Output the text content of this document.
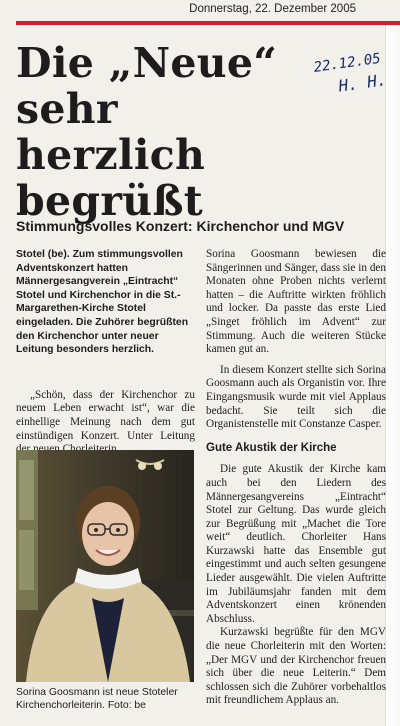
Donnerstag, 22. Dezember 2005
Die „Neue“ sehr herzlich begrüßt
22.12.05
H. H.
Stimmungsvolles Konzert: Kirchenchor und MGV

Stotel (be). Zum stimmungsvollen Adventskonzert hatten Männergesangverein „Eintracht“ Stotel und Kirchenchor in die St.-Margarethen-Kirche Stotel eingeladen. Die Zuhörer begrüßten den Kirchenchor unter neuer Leitung besonders herzlich.

„Schön, dass der Kirchenchor zu neuem Leben erwacht ist“, war die einhellige Meinung nach dem gut einstündigen Konzert. Unter Leitung

Sorina Goosmann ist neue Stoteler Kirchenchorleiterin. Foto: be

Sorina Goosmann bewiesen die Sängerinnen und Sänger, dass sie in den Monaten ohne Proben nichts verlernt hatten – die Auftritte wirkten fröhlich und locker. Da passte das erste Lied „Singet fröhlich im Advent“ zur Stimmung. Auch die weiteren Stücke kamen gut an.

In diesem Konzert stellte sich Sorina Goosmann auch als Organistin vor. Ihre Eingangsmusik wurde mit viel Applaus bedacht. Sie teilt sich die Organistenstelle mit Constanze Casper.

Gute Akustik der Kirche

Die gute Akustik der Kirche kam auch bei den Liedern des Männergesangvereins „Eintracht“ Stotel zur Geltung. Das wurde gleich zur Begrüßung mit „Machet die Tore weit“ deutlich. Chorleiter Hans Kurzawski hatte das Ensemble gut eingestimmt und auch selten gesungene Lieder ausgewählt. Die vielen Auftritte im Jubiläumsjahr fanden mit dem Adventskonzert einen krönenden Abschluss.

Kurzawski begrüßte für den MGV die neue Chorleiterin mit den Worten: „Der MGV und der Kirchenchor freuen sich über die neue Leiterin.“ Dem schlossen sich die Zuhörer vorbehaltlos mit freundlichem Applaus an.
